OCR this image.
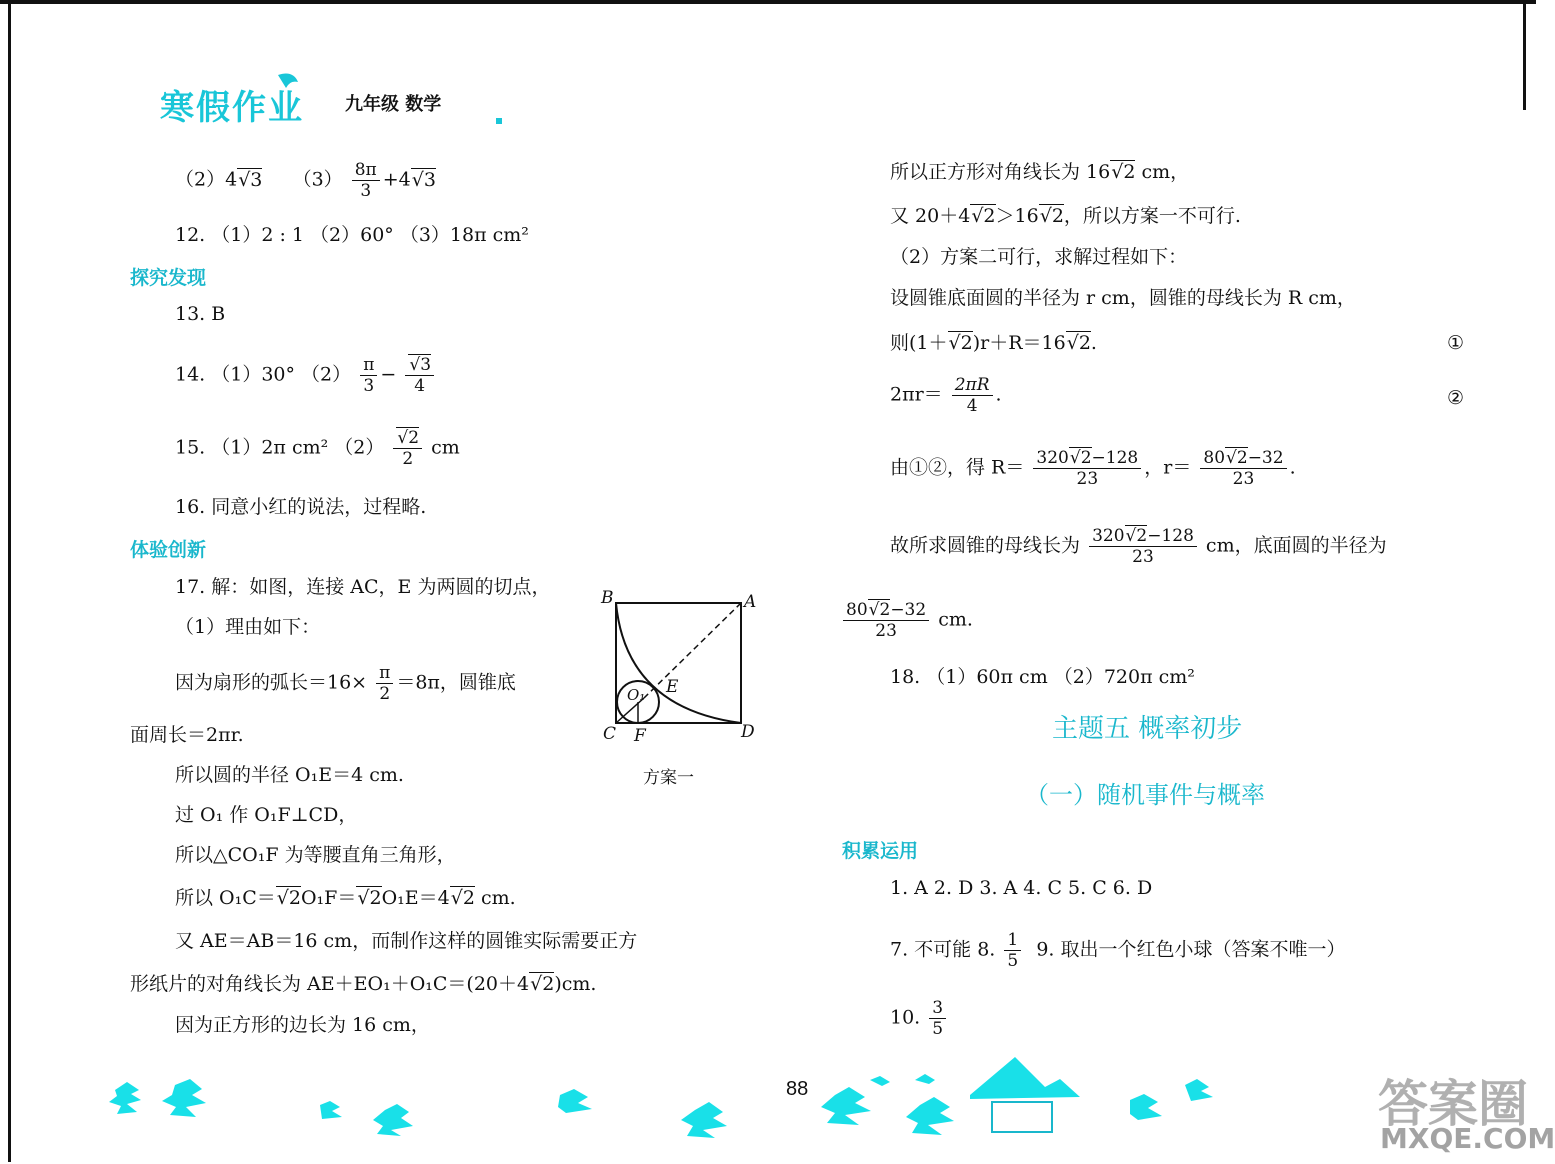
寒假作业 九年级 数学
（2）4√ 3 $(3) \frac{8\pi}{3} +4√$ 3
12. （1）2 : 1 （2）60° （3）18π cm²
探究发现
13. B
14. （1）30° $(2) \frac{\pi}{3}$ −
√ $\frac{3}{4}$
15. （1）2π cm² （2）
√ $\frac{2}{2}$ cm
16. 同意小红的说法，过程略.
体验创新
17. 解：如图，连接 AC，E 为两圆的切点，
（1）理由如下：
因为扇形的弧长$=16\times \frac{\pi}{2} =8\pi$，圆锥底
面周长＝2πr.
所以圆的半径 O₁E＝4 cm.
过 O₁ 作 O₁F⊥CD，
所以△CO₁F 为等腰直角三角形，
所以 O₁C＝√ 2O₁F＝√ 2O₁E＝4√ 2 cm.
又 AE＝AB＝16 cm，而制作这样的圆锥实际需要正方
形纸片的对角线长为 AE＋EO₁＋O₁C＝(20＋4√ 2)cm.
因为正方形的边长为 16 cm，
B	A
E
O₁
C F	D
方案一
所以正方形对角线长为 16√ 2 cm，
又 20＋4√ 2＞16√ 2，所以方案一不可行.
（2）方案二可行，求解过程如下：
设圆锥底面圆的半径为 r cm，圆锥的母线长为 R cm，
则(1＋√ 2)r＋R＝16√ 2.	①
$2\pi r= \frac{2\pi R}{4}$ .	②
由①②，得 $R= \frac{320√ 2-128}{23}$ ，$r= \frac{80√ 2-32}{23}$ .
故所求圆锥的母线长为 $\frac{320√ 2-128}{23}$ cm，底面圆的半径为
$\frac{80√ 2-32}{23}$ cm.
18. （1）60π cm （2）720π cm²
主题五 概率初步
（一）随机事件与概率
积累运用
1. A 2. D 3. A 4. C 5. C 6. D
7. 不可能 8. $\frac{1}{5} 9$. 取出一个红色小球（答案不唯一）
10. $\frac{3}{5}$
88	答案圈
MXQE.COM
